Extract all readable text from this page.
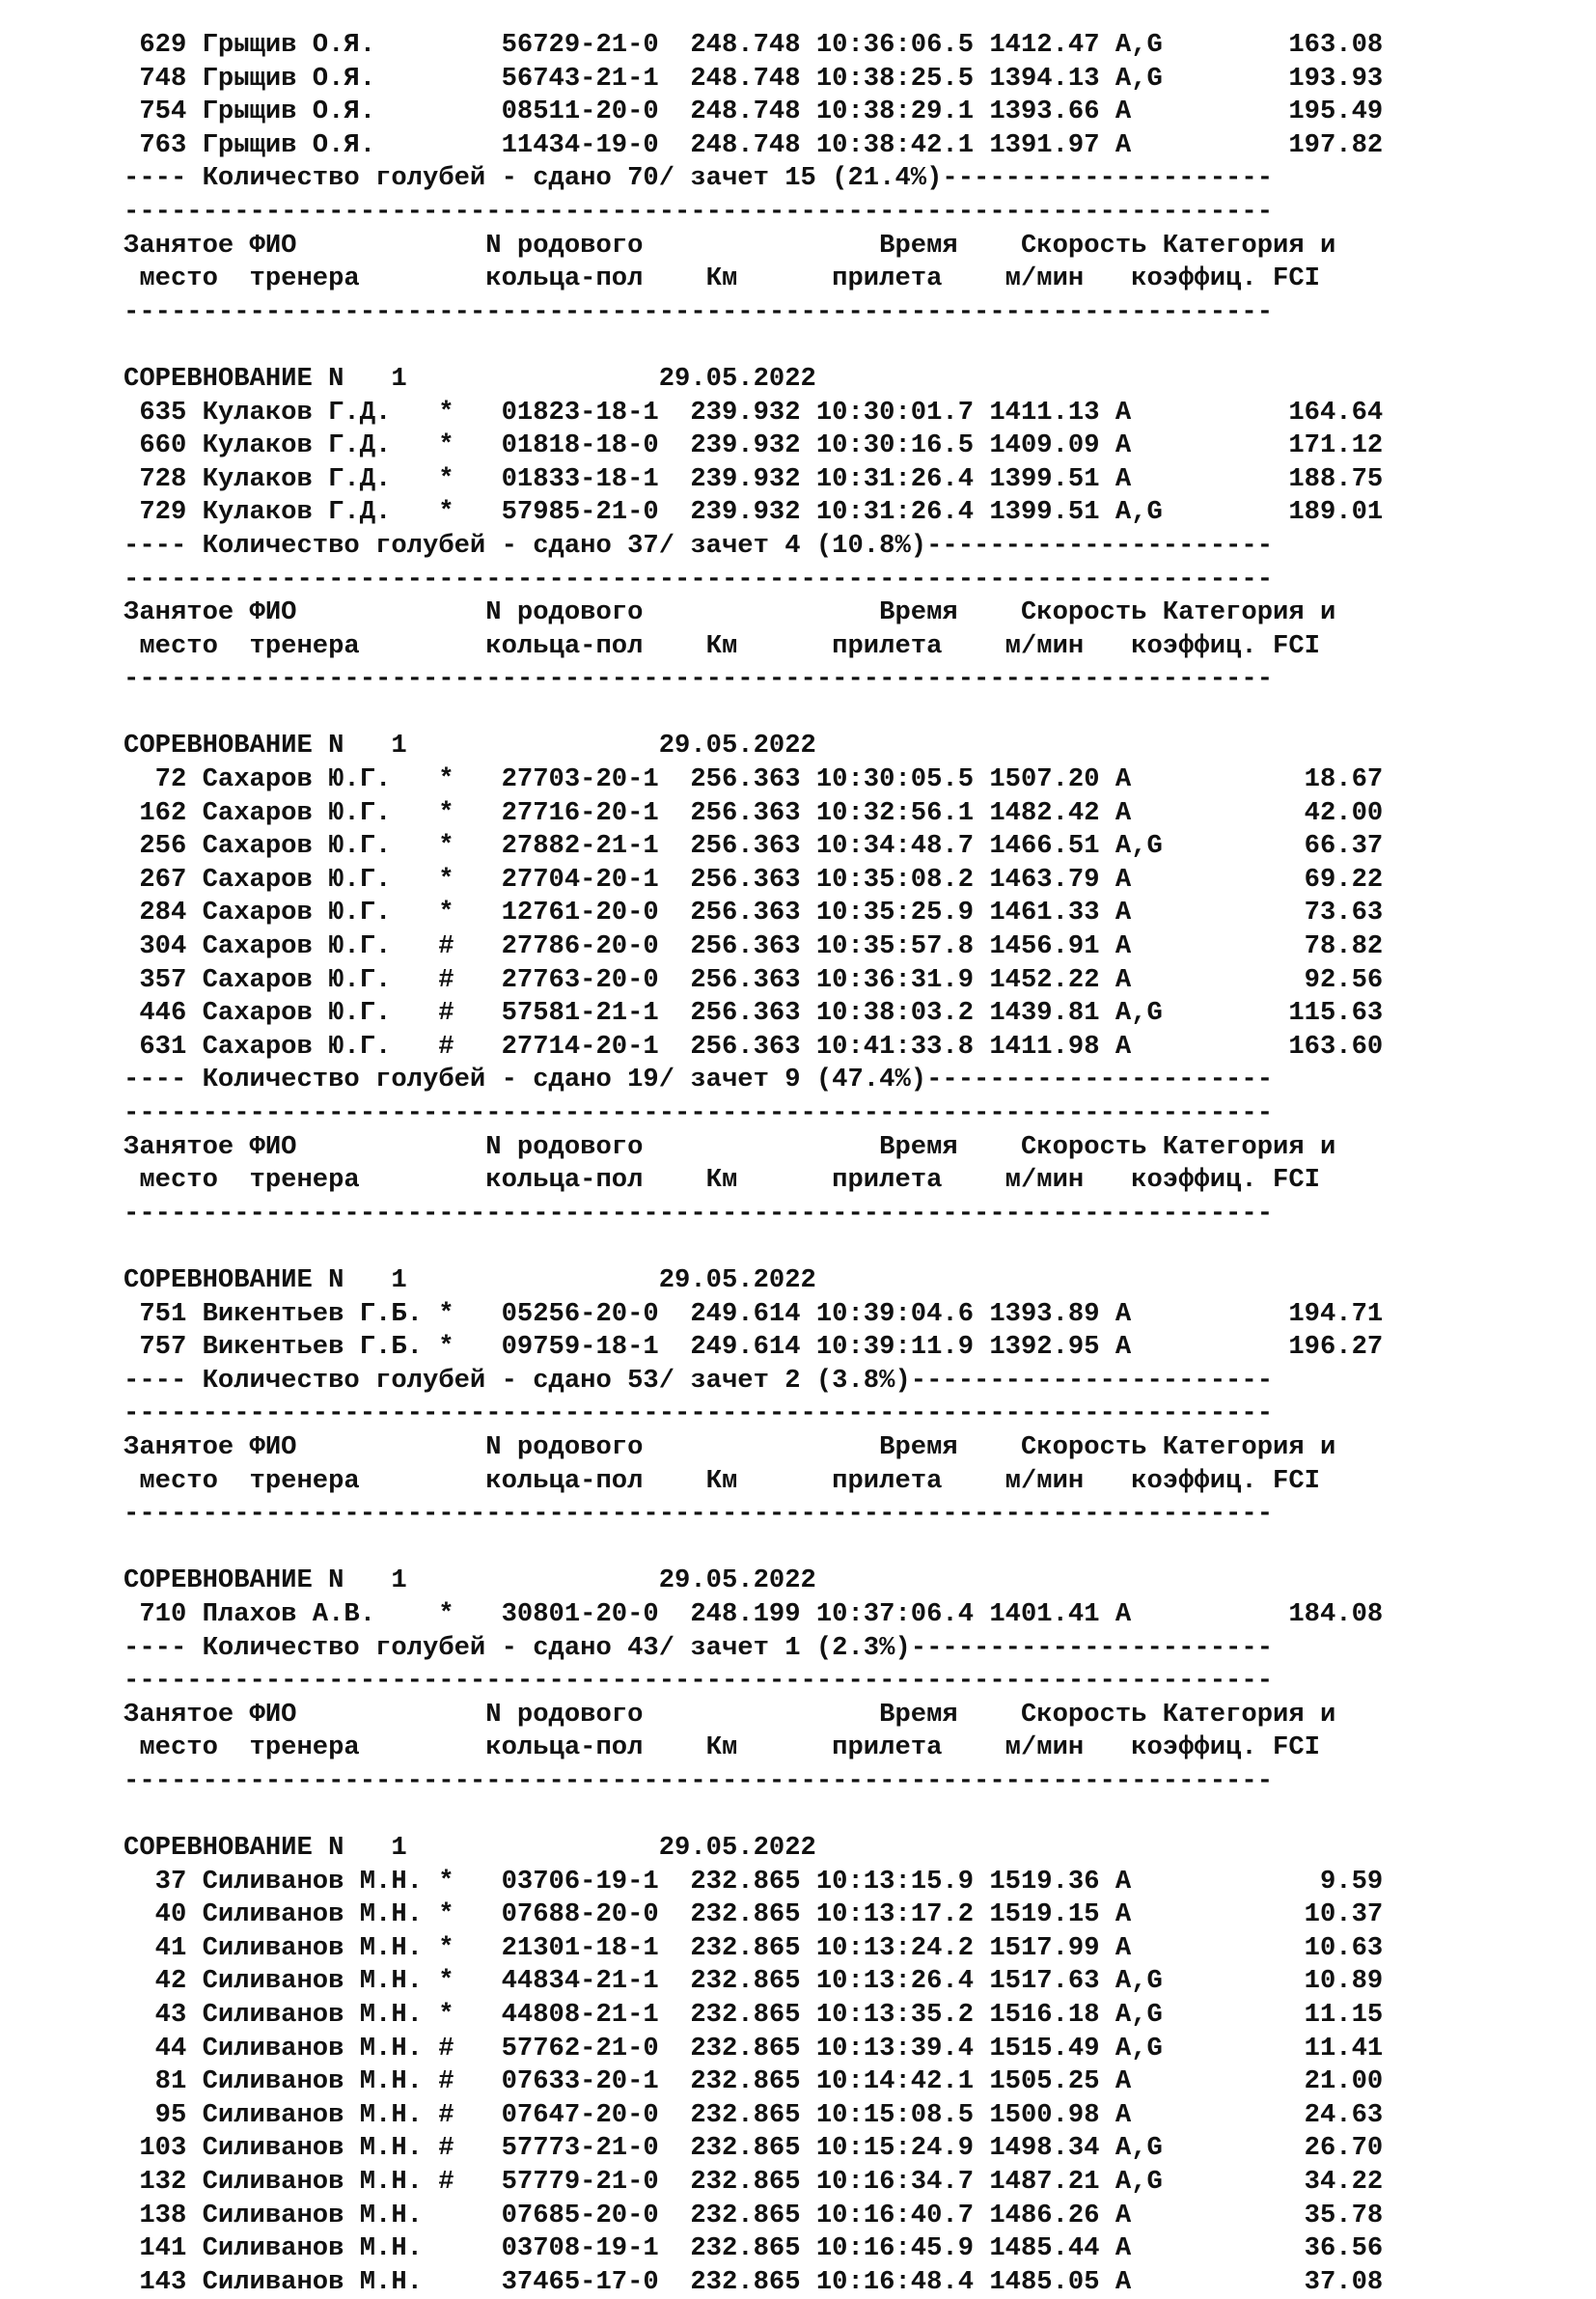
629 Грыщив О.Я.        56729-21-0  248.748 10:36:06.5 1412.47 A,G        163.08
748 Грыщив О.Я.        56743-21-1  248.748 10:38:25.5 1394.13 A,G        193.93
754 Грыщив О.Я.        08511-20-0  248.748 10:38:29.1 1393.66 A          195.49
763 Грыщив О.Я.        11434-19-0  248.748 10:38:42.1 1391.97 A          197.82
---- Количество голубей - сдано 70/ зачет 15 (21.4%)---------------------
-------------------------------------------------------------------------
Занятое ФИО            N родового               Время    Скорость Категория и
место  тренера        кольца-пол    Км      прилета    м/мин   коэффиц. FCI
-------------------------------------------------------------------------
СОРЕВНОВАНИЕ N   1                29.05.2022
635 Кулаков Г.Д.   *   01823-18-1  239.932 10:30:01.7 1411.13 A          164.64
660 Кулаков Г.Д.   *   01818-18-0  239.932 10:30:16.5 1409.09 A          171.12
728 Кулаков Г.Д.   *   01833-18-1  239.932 10:31:26.4 1399.51 A          188.75
729 Кулаков Г.Д.   *   57985-21-0  239.932 10:31:26.4 1399.51 A,G        189.01
---- Количество голубей - сдано 37/ зачет 4 (10.8%)----------------------
-------------------------------------------------------------------------
Занятое ФИО            N родового               Время    Скорость Категория и
место  тренера        кольца-пол    Км      прилета    м/мин   коэффиц. FCI
-------------------------------------------------------------------------
СОРЕВНОВАНИЕ N   1                29.05.2022
72 Сахаров Ю.Г.   *   27703-20-1  256.363 10:30:05.5 1507.20 A           18.67
162 Сахаров Ю.Г.   *   27716-20-1  256.363 10:32:56.1 1482.42 A           42.00
256 Сахаров Ю.Г.   *   27882-21-1  256.363 10:34:48.7 1466.51 A,G         66.37
267 Сахаров Ю.Г.   *   27704-20-1  256.363 10:35:08.2 1463.79 A           69.22
284 Сахаров Ю.Г.   *   12761-20-0  256.363 10:35:25.9 1461.33 A           73.63
304 Сахаров Ю.Г.   #   27786-20-0  256.363 10:35:57.8 1456.91 A           78.82
357 Сахаров Ю.Г.   #   27763-20-0  256.363 10:36:31.9 1452.22 A           92.56
446 Сахаров Ю.Г.   #   57581-21-1  256.363 10:38:03.2 1439.81 A,G        115.63
631 Сахаров Ю.Г.   #   27714-20-1  256.363 10:41:33.8 1411.98 A          163.60
---- Количество голубей - сдано 19/ зачет 9 (47.4%)----------------------
-------------------------------------------------------------------------
Занятое ФИО            N родового               Время    Скорость Категория и
место  тренера        кольца-пол    Км      прилета    м/мин   коэффиц. FCI
-------------------------------------------------------------------------
СОРЕВНОВАНИЕ N   1                29.05.2022
751 Викентьев Г.Б. *   05256-20-0  249.614 10:39:04.6 1393.89 A          194.71
757 Викентьев Г.Б. *   09759-18-1  249.614 10:39:11.9 1392.95 A          196.27
---- Количество голубей - сдано 53/ зачет 2 (3.8%)-----------------------
-------------------------------------------------------------------------
Занятое ФИО            N родового               Время    Скорость Категория и
место  тренера        кольца-пол    Км      прилета    м/мин   коэффиц. FCI
-------------------------------------------------------------------------
СОРЕВНОВАНИЕ N   1                29.05.2022
710 Плахов А.В.    *   30801-20-0  248.199 10:37:06.4 1401.41 A          184.08
---- Количество голубей - сдано 43/ зачет 1 (2.3%)-----------------------
-------------------------------------------------------------------------
Занятое ФИО            N родового               Время    Скорость Категория и
место  тренера        кольца-пол    Км      прилета    м/мин   коэффиц. FCI
-------------------------------------------------------------------------
СОРЕВНОВАНИЕ N   1                29.05.2022
37 Силиванов М.Н. *   03706-19-1  232.865 10:13:15.9 1519.36 A            9.59
40 Силиванов М.Н. *   07688-20-0  232.865 10:13:17.2 1519.15 A           10.37
41 Силиванов М.Н. *   21301-18-1  232.865 10:13:24.2 1517.99 A           10.63
42 Силиванов М.Н. *   44834-21-1  232.865 10:13:26.4 1517.63 A,G         10.89
43 Силиванов М.Н. *   44808-21-1  232.865 10:13:35.2 1516.18 A,G         11.15
44 Силиванов М.Н. #   57762-21-0  232.865 10:13:39.4 1515.49 A,G         11.41
81 Силиванов М.Н. #   07633-20-1  232.865 10:14:42.1 1505.25 A           21.00
95 Силиванов М.Н. #   07647-20-0  232.865 10:15:08.5 1500.98 A           24.63
103 Силиванов М.Н. #   57773-21-0  232.865 10:15:24.9 1498.34 A,G         26.70
132 Силиванов М.Н. #   57779-21-0  232.865 10:16:34.7 1487.21 A,G         34.22
138 Силиванов М.Н.     07685-20-0  232.865 10:16:40.7 1486.26 A           35.78
141 Силиванов М.Н.     03708-19-1  232.865 10:16:45.9 1485.44 A           36.56
143 Силиванов М.Н.     37465-17-0  232.865 10:16:48.4 1485.05 A           37.08
